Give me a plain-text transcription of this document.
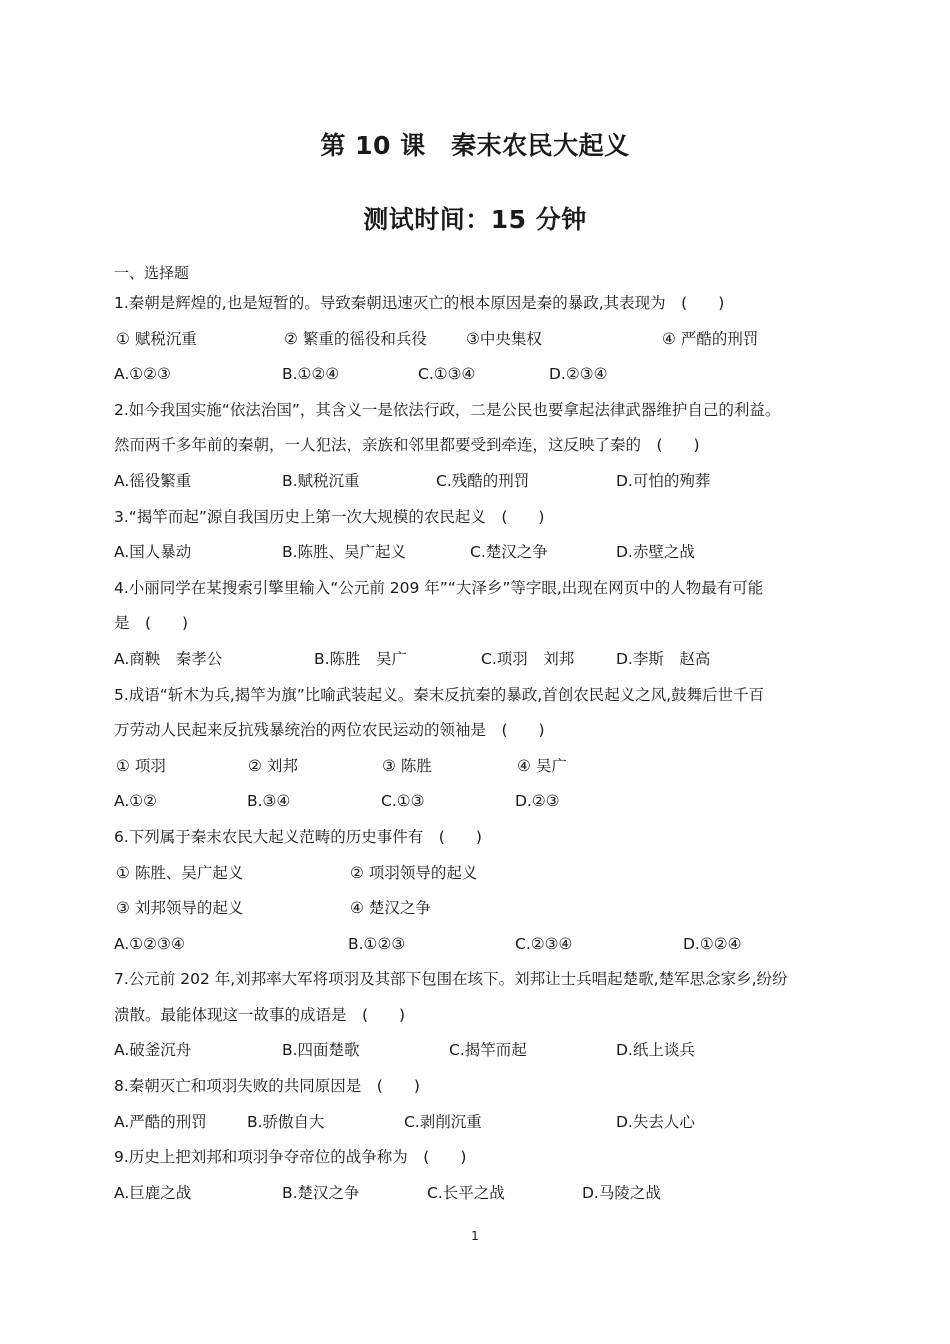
第 10 课　秦末农民大起义
测试时间：15 分钟
一、选择题
1.秦朝是辉煌的,也是短暂的。导致秦朝迅速灭亡的根本原因是秦的暴政,其表现为　(　　)
① 赋税沉重	② 繁重的徭役和兵役	③中央集权	④ 严酷的刑罚
A.①②③	B.①②④	C.①③④	D.②③④
2.如今我国实施“依法治国”，其含义一是依法行政，二是公民也要拿起法律武器维护自己的利益。
然而两千多年前的秦朝，一人犯法，亲族和邻里都要受到牵连，这反映了秦的　(　　)
A.徭役繁重	B.赋税沉重	C.残酷的刑罚	D.可怕的殉葬
3.“揭竿而起”源自我国历史上第一次大规模的农民起义　(　　)
A.国人暴动	B.陈胜、吴广起义	C.楚汉之争	D.赤壁之战
4.小丽同学在某搜索引擎里输入“公元前 209 年”“大泽乡”等字眼,出现在网页中的人物最有可能
是　(　　)
A.商鞅　秦孝公	B.陈胜　吴广	C.项羽　刘邦	D.李斯　赵高
5.成语“斩木为兵,揭竿为旗”比喻武装起义。秦末反抗秦的暴政,首创农民起义之风,鼓舞后世千百
万劳动人民起来反抗残暴统治的两位农民运动的领袖是　(　　)
① 项羽	② 刘邦	③ 陈胜	④ 吴广
A.①②	B.③④	C.①③	D.②③
6.下列属于秦末农民大起义范畴的历史事件有　(　　)
① 陈胜、吴广起义	② 项羽领导的起义
③ 刘邦领导的起义	④ 楚汉之争
A.①②③④	B.①②③	C.②③④	D.①②④
7.公元前 202 年,刘邦率大军将项羽及其部下包围在垓下。刘邦让士兵唱起楚歌,楚军思念家乡,纷纷
溃散。最能体现这一故事的成语是　(　　)
A.破釜沉舟	B.四面楚歌	C.揭竿而起	D.纸上谈兵
8.秦朝灭亡和项羽失败的共同原因是　(　　)
A.严酷的刑罚	B.骄傲自大	C.剥削沉重	D.失去人心
9.历史上把刘邦和项羽争夺帝位的战争称为　(　　)
A.巨鹿之战	B.楚汉之争	C.长平之战	D.马陵之战
1
